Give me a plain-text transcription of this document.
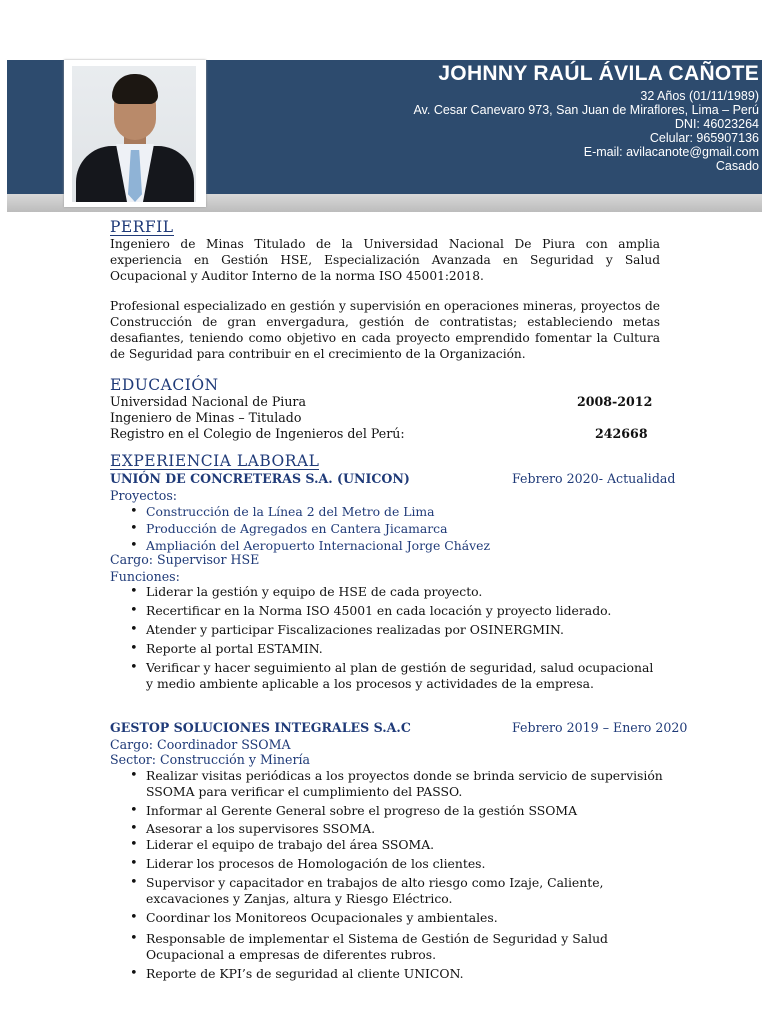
JOHNNY RAÚL ÁVILA CAÑOTE
32 Años (01/11/1989)
Av. Cesar Canevaro 973, San Juan de Miraflores, Lima – Perú
DNI: 46023264
Celular: 965907136
E-mail: avilacanote@gmail.com
Casado
PERFIL

Ingeniero de Minas Titulado de la Universidad Nacional De Piura con amplia experiencia en Gestión HSE, Especialización Avanzada en Seguridad y Salud Ocupacional y Auditor Interno de la norma ISO 45001:2018.

Profesional especializado en gestión y supervisión en operaciones mineras, proyectos de Construcción de gran envergadura, gestión de contratistas; estableciendo metas desafiantes, teniendo como objetivo en cada proyecto emprendido fomentar la Cultura de Seguridad para contribuir en el crecimiento de la Organización.

EDUCACIÓN
Universidad Nacional de Piura	2008-2012
Ingeniero de Minas – Titulado
Registro en el Colegio de Ingenieros del Perú:	242668
EXPERIENCIA LABORAL
UNIÓN DE CONCRETERAS S.A. (UNICON)	Febrero 2020- Actualidad
Proyectos:
• Construcción de la Línea 2 del Metro de Lima
• Producción de Agregados en Cantera Jicamarca
• Ampliación del Aeropuerto Internacional Jorge Chávez
Cargo: Supervisor HSE
Funciones:
• Liderar la gestión y equipo de HSE de cada proyecto.
• Recertificar en la Norma ISO 45001 en cada locación y proyecto liderado.
• Atender y participar Fiscalizaciones realizadas por OSINERGMIN.
• Reporte al portal ESTAMIN.
• Verificar y hacer seguimiento al plan de gestión de seguridad, salud ocupacional y medio ambiente aplicable a los procesos y actividades de la empresa.
GESTOP SOLUCIONES INTEGRALES S.A.C	Febrero 2019 – Enero 2020
Cargo: Coordinador SSOMA
Sector: Construcción y Minería
• Realizar visitas periódicas a los proyectos donde se brinda servicio de supervisión SSOMA para verificar el cumplimiento del PASSO.
• Informar al Gerente General sobre el progreso de la gestión SSOMA
• Asesorar a los supervisores SSOMA.
• Liderar el equipo de trabajo del área SSOMA.
• Liderar los procesos de Homologación de los clientes.
• Supervisor y capacitador en trabajos de alto riesgo como Izaje, Caliente, excavaciones y Zanjas, altura y Riesgo Eléctrico.
• Coordinar los Monitoreos Ocupacionales y ambientales.
• Responsable de implementar el Sistema de Gestión de Seguridad y Salud Ocupacional a empresas de diferentes rubros.
• Reporte de KPI’s de seguridad al cliente UNICON.
